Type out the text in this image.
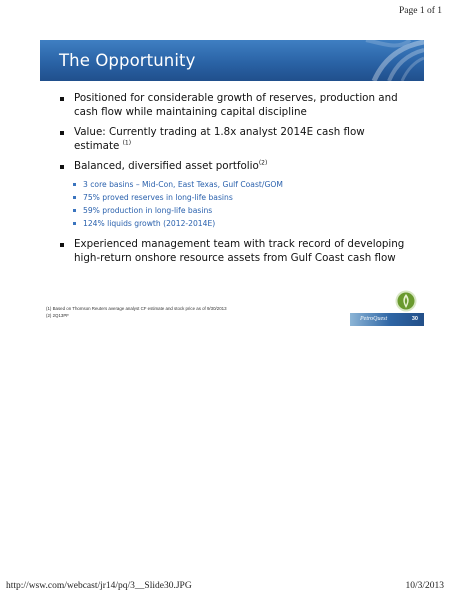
Page 1 of 1
The Opportunity
Positioned for considerable growth of reserves, production and cash flow while maintaining capital discipline
Value: Currently trading at 1.8x analyst 2014E cash flow estimate $^{(1)}$
Balanced, diversified asset portfolio$^{(2)}$
3 core basins – Mid-Con, East Texas, Gulf Coast/GOM
75% proved reserves in long-life basins
59% production in long-life basins
124% liquids growth (2012-2014E)
Experienced management team with track record of developing high-return onshore resource assets from Gulf Coast cash flow
(1) Based on Thomson Reuters average analyst CF estimate and stock price as of 9/30/2013
(2) 2Q13PF
PetroQuest	30
http://wsw.com/webcast/jr14/pq/3__Slide30.JPG	10/3/2013
